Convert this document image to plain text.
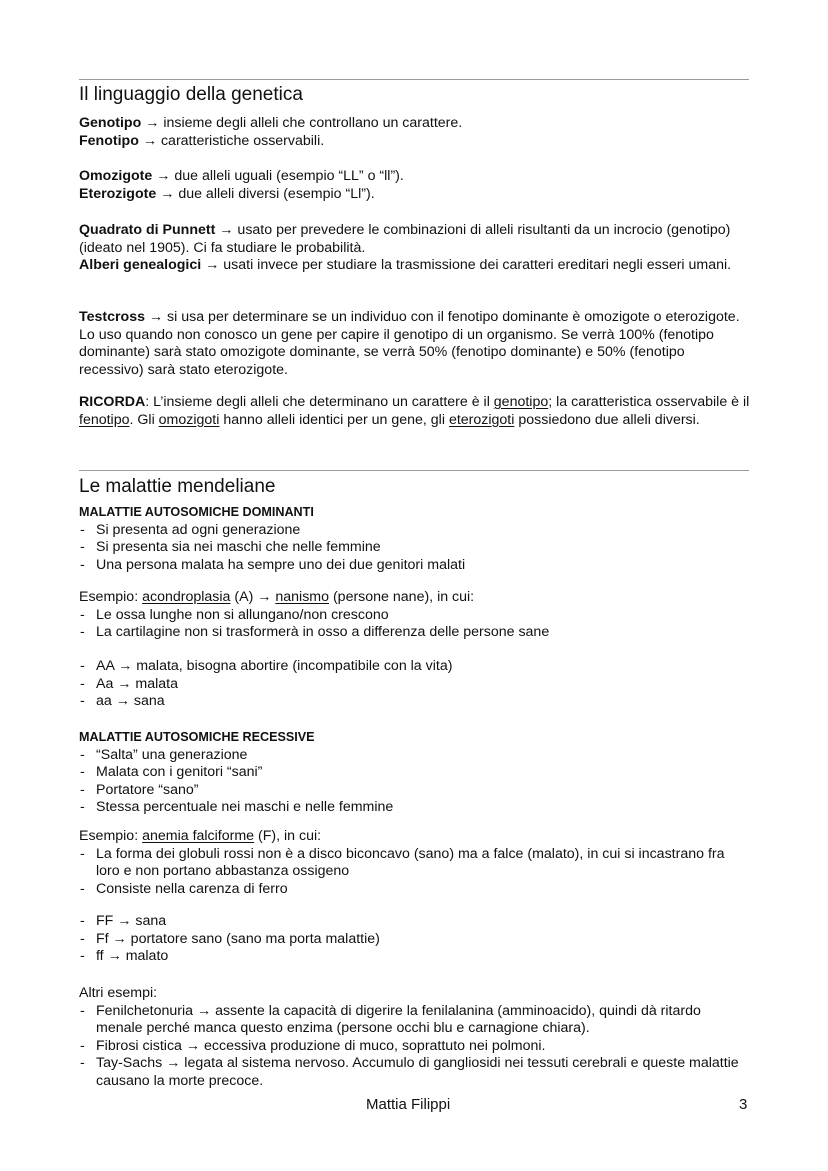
Il linguaggio della genetica

Genotipo → insieme degli alleli che controllano un carattere.

Fenotipo → caratteristiche osservabili.

Omozigote → due alleli uguali (esempio “LL” o “ll”).

Eterozigote → due alleli diversi (esempio “Ll”).

Quadrato di Punnett → usato per prevedere le combinazioni di alleli risultanti da un incrocio (genotipo) (ideato nel 1905). Ci fa studiare le probabilità.

Alberi genealogici → usati invece per studiare la trasmissione dei caratteri ereditari negli esseri umani.

Testcross → si usa per determinare se un individuo con il fenotipo dominante è omozigote o eterozigote. Lo uso quando non conosco un gene per capire il genotipo di un organismo. Se verrà 100% (fenotipo dominante) sarà stato omozigote dominante, se verrà 50% (fenotipo dominante) e 50% (fenotipo recessivo) sarà stato eterozigote.

RICORDA: L’insieme degli alleli che determinano un carattere è il genotipo; la caratteristica osservabile è il fenotipo. Gli omozigoti hanno alleli identici per un gene, gli eterozigoti possiedono due alleli diversi.

Le malattie mendeliane

MALATTIE AUTOSOMICHE DOMINANTI

- Si presenta ad ogni generazione
- Si presenta sia nei maschi che nelle femmine
- Una persona malata ha sempre uno dei due genitori malati

Esempio: acondroplasia (A) → nanismo (persone nane), in cui:

- Le ossa lunghe non si allungano/non crescono
- La cartilagine non si trasformerà in osso a differenza delle persone sane
- AA → malata, bisogna abortire (incompatibile con la vita)
- Aa → malata
- aa → sana

MALATTIE AUTOSOMICHE RECESSIVE

- “Salta” una generazione
- Malata con i genitori “sani”
- Portatore “sano”
- Stessa percentuale nei maschi e nelle femmine

Esempio: anemia falciforme (F), in cui:

- La forma dei globuli rossi non è a disco biconcavo (sano) ma a falce (malato), in cui si incastrano fra loro e non portano abbastanza ossigeno
- Consiste nella carenza di ferro
- FF → sana
- Ff → portatore sano (sano ma porta malattie)
- ff → malato

Altri esempi:

- Fenilchetonuria → assente la capacità di digerire la fenilalanina (amminoacido), quindi dà ritardo menale perché manca questo enzima (persone occhi blu e carnagione chiara).
- Fibrosi cistica → eccessiva produzione di muco, soprattuto nei polmoni.
- Tay-Sachs → legata al sistema nervoso. Accumulo di gangliosidi nei tessuti cerebrali e queste malattie causano la morte precoce.
Mattia Filippi	3
